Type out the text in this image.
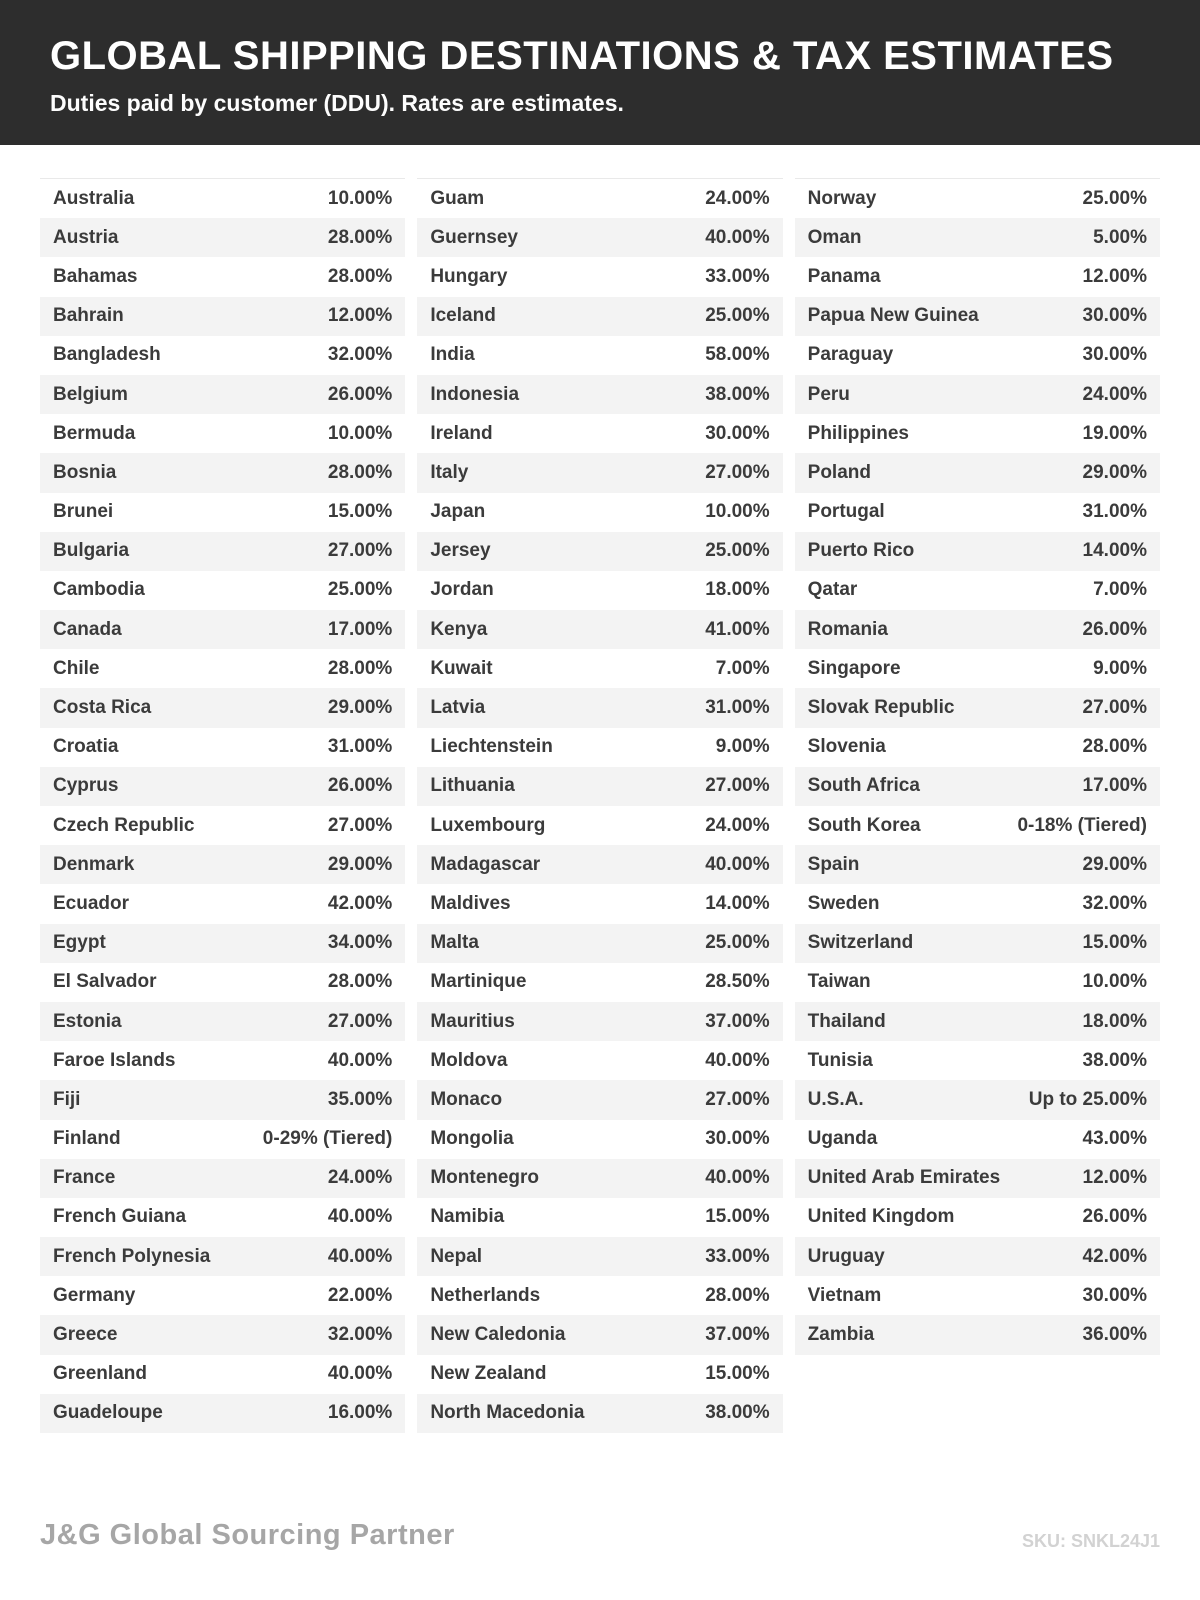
GLOBAL SHIPPING DESTINATIONS & TAX ESTIMATES

Duties paid by customer (DDU). Rates are estimates.

Australia	10.00%
Austria	28.00%
Bahamas	28.00%
Bahrain	12.00%
Bangladesh	32.00%
Belgium	26.00%
Bermuda	10.00%
Bosnia	28.00%
Brunei	15.00%
Bulgaria	27.00%
Cambodia	25.00%
Canada	17.00%
Chile	28.00%
Costa Rica	29.00%
Croatia	31.00%
Cyprus	26.00%
Czech Republic	27.00%
Denmark	29.00%
Ecuador	42.00%
Egypt	34.00%
El Salvador	28.00%
Estonia	27.00%
Faroe Islands	40.00%
Fiji	35.00%
Finland	0-29% (Tiered)
France	24.00%
French Guiana	40.00%
French Polynesia	40.00%
Germany	22.00%
Greece	32.00%
Greenland	40.00%
Guadeloupe	16.00%
Guam	24.00%
Guernsey	40.00%
Hungary	33.00%
Iceland	25.00%
India	58.00%
Indonesia	38.00%
Ireland	30.00%
Italy	27.00%
Japan	10.00%
Jersey	25.00%
Jordan	18.00%
Kenya	41.00%
Kuwait	7.00%
Latvia	31.00%
Liechtenstein	9.00%
Lithuania	27.00%
Luxembourg	24.00%
Madagascar	40.00%
Maldives	14.00%
Malta	25.00%
Martinique	28.50%
Mauritius	37.00%
Moldova	40.00%
Monaco	27.00%
Mongolia	30.00%
Montenegro	40.00%
Namibia	15.00%
Nepal	33.00%
Netherlands	28.00%
New Caledonia	37.00%
New Zealand	15.00%
North Macedonia	38.00%
Norway	25.00%
Oman	5.00%
Panama	12.00%
Papua New Guinea	30.00%
Paraguay	30.00%
Peru	24.00%
Philippines	19.00%
Poland	29.00%
Portugal	31.00%
Puerto Rico	14.00%
Qatar	7.00%
Romania	26.00%
Singapore	9.00%
Slovak Republic	27.00%
Slovenia	28.00%
South Africa	17.00%
South Korea	0-18% (Tiered)
Spain	29.00%
Sweden	32.00%
Switzerland	15.00%
Taiwan	10.00%
Thailand	18.00%
Tunisia	38.00%
U.S.A.	Up to 25.00%
Uganda	43.00%
United Arab Emirates	12.00%
United Kingdom	26.00%
Uruguay	42.00%
Vietnam	30.00%
Zambia	36.00%
J&G Global Sourcing Partner	SKU: SNKL24J1
